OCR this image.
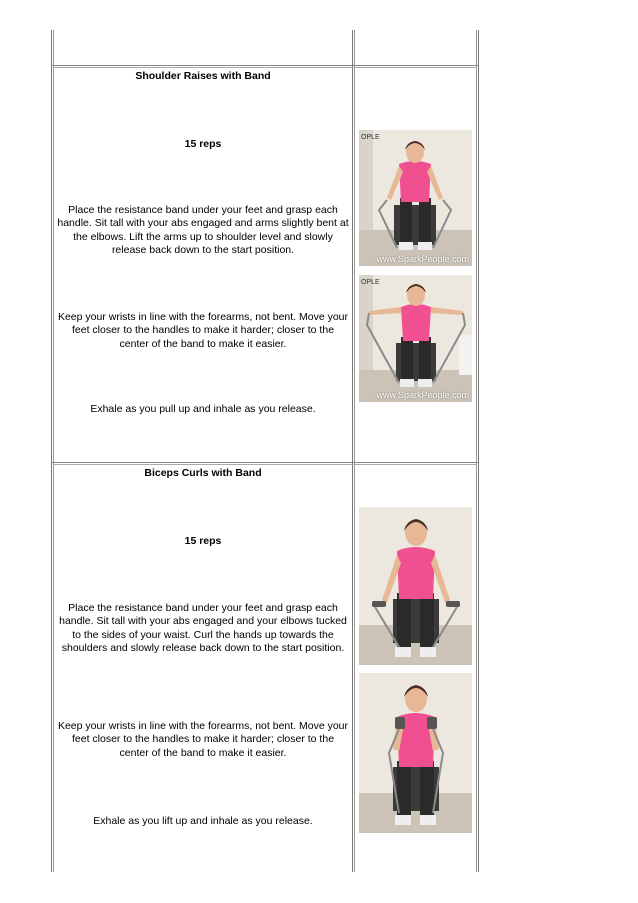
Shoulder Raises with Band
15 reps
Place the resistance band under your feet and grasp each handle. Sit tall with your abs engaged and arms slightly bent at the elbows. Lift the arms up to shoulder level and slowly release back down to the start position.
Keep your wrists in line with the forearms, not bent. Move your feet closer to the handles to make it harder; closer to the center of the band to make it easier.
Exhale as you pull up and inhale as you release.
OPLE
www.SparkPeople.com
OPLE
www.SparkPeople.com
Biceps Curls with Band
15 reps
Place the resistance band under your feet and grasp each handle. Sit tall with your abs engaged and your elbows tucked to the sides of your waist. Curl the hands up towards the shoulders and slowly release back down to the start position.
Keep your wrists in line with the forearms, not bent. Move your feet closer to the handles to make it harder; closer to the center of the band to make it easier.
Exhale as you lift up and inhale as you release.
